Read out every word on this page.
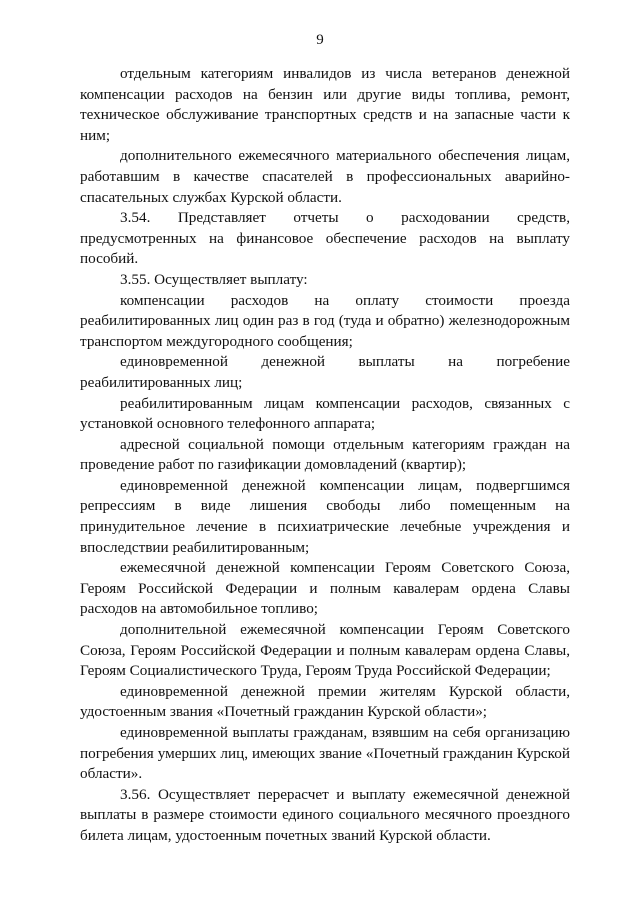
9

отдельным категориям инвалидов из числа ветеранов денежной компенсации расходов на бензин или другие виды топлива, ремонт, техническое обслуживание транспортных средств и на запасные части к ним;

дополнительного ежемесячного материального обеспечения лицам, работавшим в качестве спасателей в профессиональных аварийно-спасательных службах Курской области.

3.54. Представляет отчеты о расходовании средств, предусмотренных на финансовое обеспечение расходов на выплату пособий.

3.55. Осуществляет выплату:

компенсации расходов на оплату стоимости проезда реабилитированных лиц один раз в год (туда и обратно) железнодорожным транспортом междугородного сообщения;

единовременной денежной выплаты на погребение реабилитированных лиц;

реабилитированным лицам компенсации расходов, связанных с установкой основного телефонного аппарата;

адресной социальной помощи отдельным категориям граждан на проведение работ по газификации домовладений (квартир);

единовременной денежной компенсации лицам, подвергшимся репрессиям в виде лишения свободы либо помещенным на принудительное лечение в психиатрические лечебные учреждения и впоследствии реабилитированным;

ежемесячной денежной компенсации Героям Советского Союза, Героям Российской Федерации и полным кавалерам ордена Славы расходов на автомобильное топливо;

дополнительной ежемесячной компенсации Героям Советского Союза, Героям Российской Федерации и полным кавалерам ордена Славы, Героям Социалистического Труда, Героям Труда Российской Федерации;

единовременной денежной премии жителям Курской области, удостоенным звания «Почетный гражданин Курской области»;

единовременной выплаты гражданам, взявшим на себя организацию погребения умерших лиц, имеющих звание «Почетный гражданин Курской области».

3.56. Осуществляет перерасчет и выплату ежемесячной денежной выплаты в размере стоимости единого социального месячного проездного билета лицам, удостоенным почетных званий Курской области.
